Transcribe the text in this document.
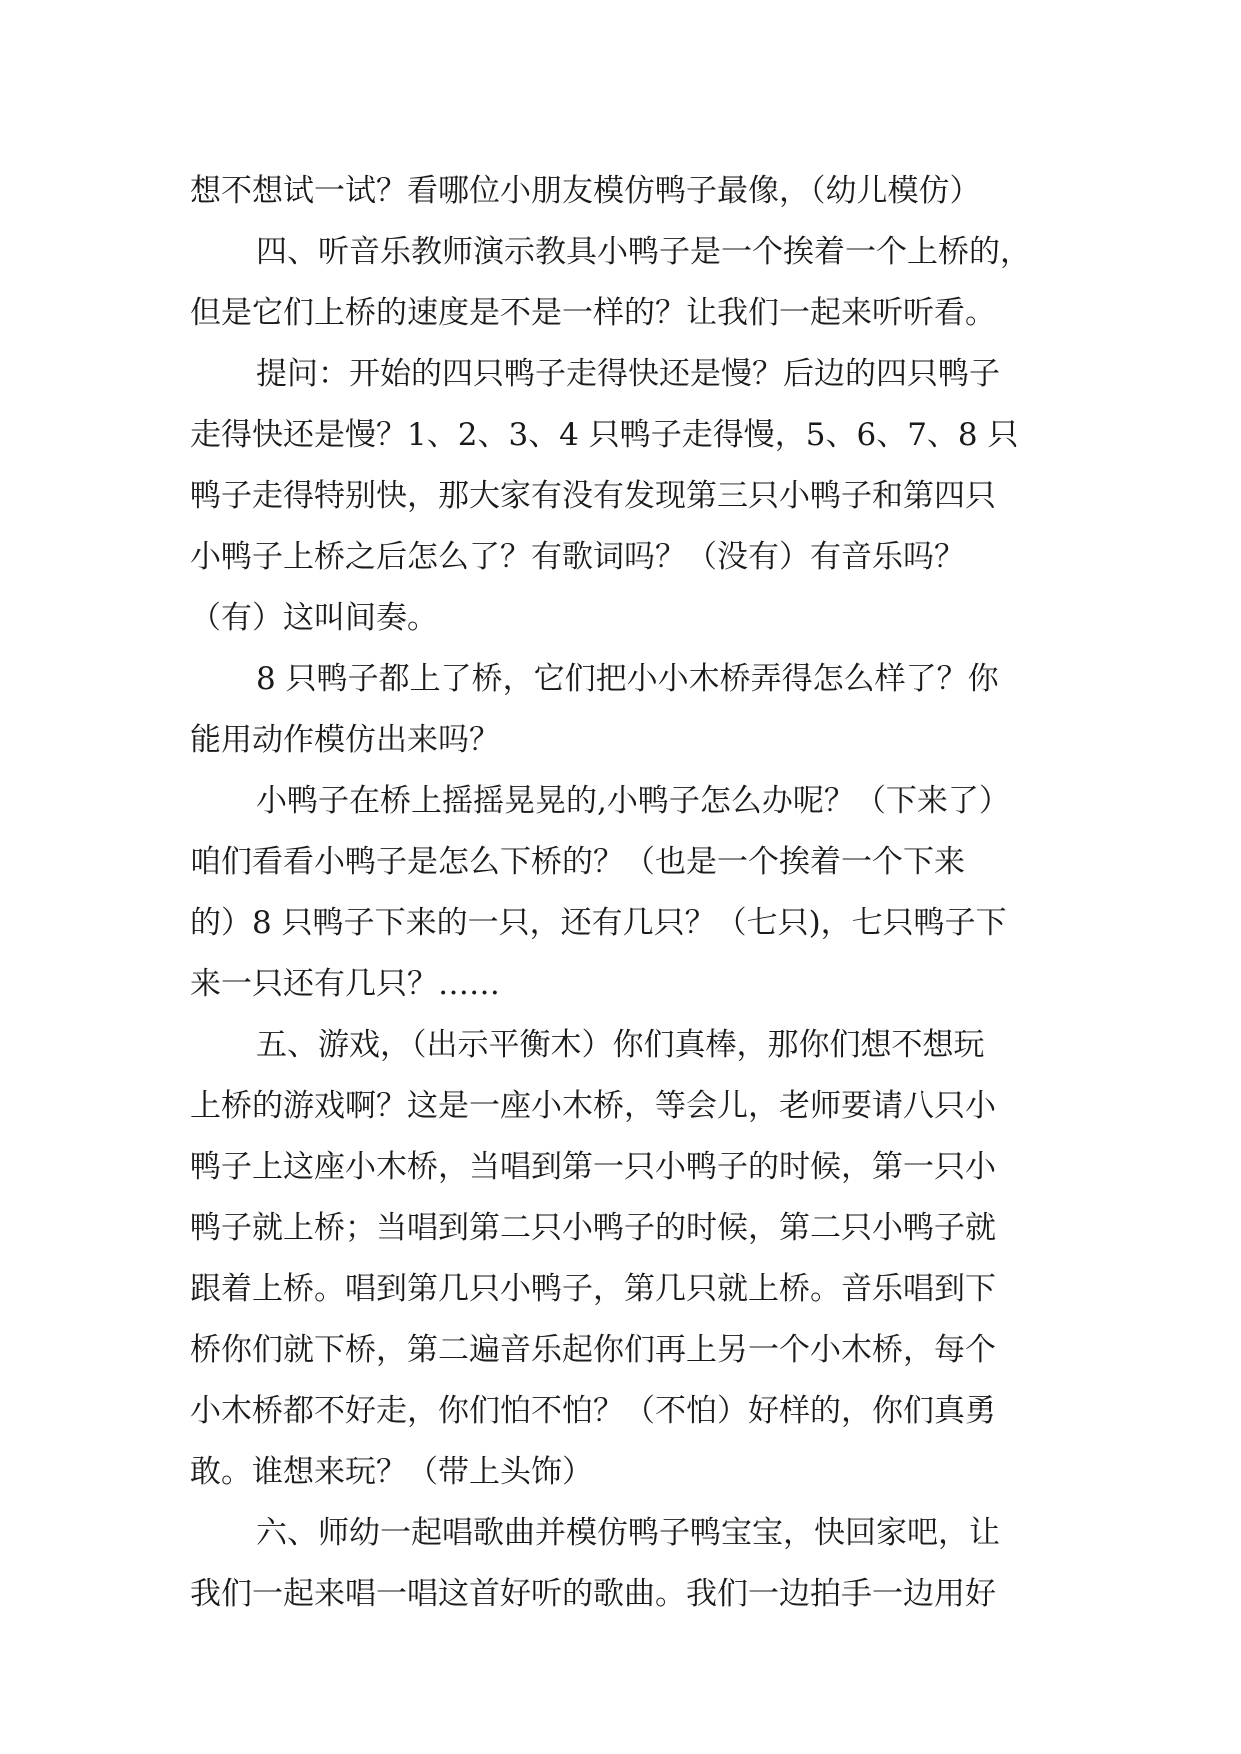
想不想试一试？看哪位小朋友模仿鸭子最像，（幼儿模仿）
四、听音乐教师演示教具小鸭子是一个挨着一个上桥的，
但是它们上桥的速度是不是一样的？让我们一起来听听看。
提问：开始的四只鸭子走得快还是慢？后边的四只鸭子
走得快还是慢？1、2、3、4 只鸭子走得慢，5、6、7、8 只
鸭子走得特别快，那大家有没有发现第三只小鸭子和第四只
小鸭子上桥之后怎么了？有歌词吗？（没有）有音乐吗？
（有）这叫间奏。
8 只鸭子都上了桥，它们把小小木桥弄得怎么样了？你
能用动作模仿出来吗？
小鸭子在桥上摇摇晃晃的,小鸭子怎么办呢？（下来了）
咱们看看小鸭子是怎么下桥的？（也是一个挨着一个下来
的）8 只鸭子下来的一只，还有几只？（七只)，七只鸭子下
来一只还有几只？……
五、游戏，（出示平衡木）你们真棒，那你们想不想玩
上桥的游戏啊？这是一座小木桥，等会儿，老师要请八只小
鸭子上这座小木桥，当唱到第一只小鸭子的时候，第一只小
鸭子就上桥；当唱到第二只小鸭子的时候，第二只小鸭子就
跟着上桥。唱到第几只小鸭子，第几只就上桥。音乐唱到下
桥你们就下桥，第二遍音乐起你们再上另一个小木桥，每个
小木桥都不好走，你们怕不怕？（不怕）好样的，你们真勇
敢。谁想来玩？（带上头饰）
六、师幼一起唱歌曲并模仿鸭子鸭宝宝，快回家吧，让
我们一起来唱一唱这首好听的歌曲。我们一边拍手一边用好
